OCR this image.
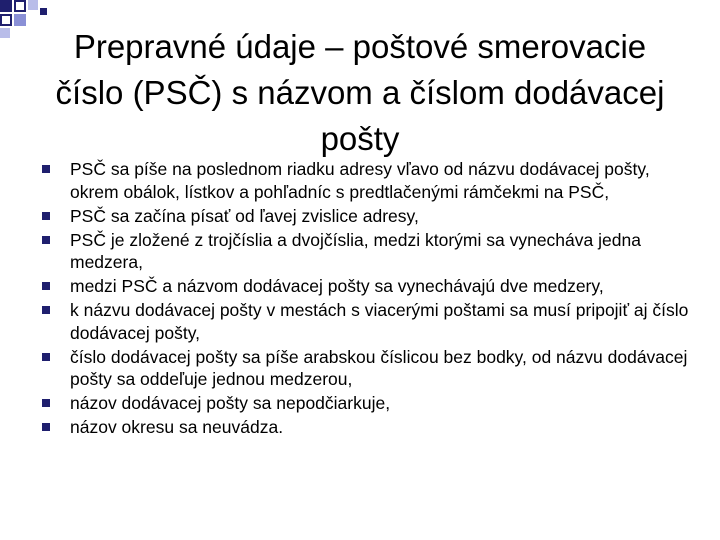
Prepravné údaje – poštové smerovacie číslo (PSČ) s názvom a číslom dodávacej pošty
PSČ sa píše na poslednom riadku adresy vľavo od názvu dodávacej pošty, okrem obálok, lístkov a pohľadníc s predtlačenými rámčekmi na PSČ,
PSČ sa začína písať od ľavej zvislice adresy,
PSČ je zložené z trojčíslia a dvojčíslia, medzi ktorými sa vynecháva jedna medzera,
medzi PSČ a názvom dodávacej pošty sa vynechávajú dve medzery,
k názvu dodávacej pošty v mestách s viacerými poštami sa musí pripojiť aj číslo dodávacej pošty,
číslo dodávacej pošty sa píše arabskou číslicou bez bodky, od názvu dodávacej pošty sa oddeľuje jednou medzerou,
názov dodávacej pošty sa nepodčiarkuje,
názov okresu sa neuvádza.
